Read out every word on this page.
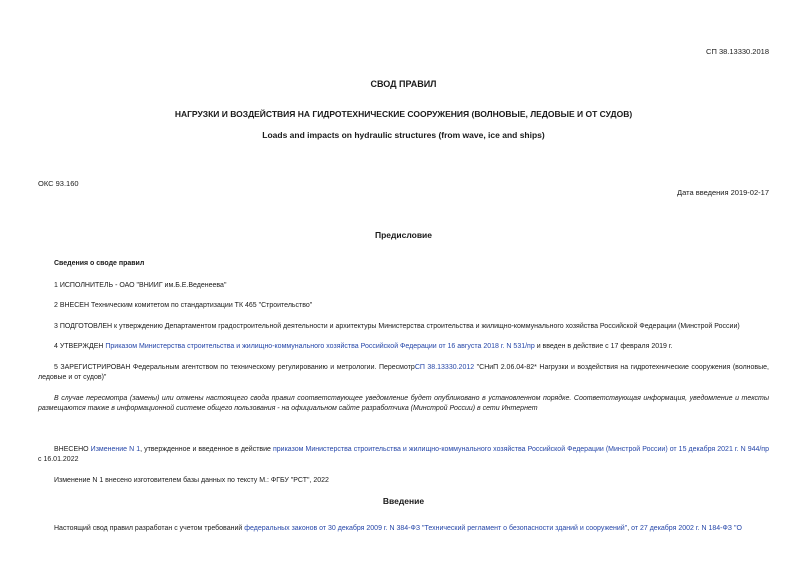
СП 38.13330.2018
СВОД ПРАВИЛ
НАГРУЗКИ И ВОЗДЕЙСТВИЯ НА ГИДРОТЕХНИЧЕСКИЕ СООРУЖЕНИЯ (ВОЛНОВЫЕ, ЛЕДОВЫЕ И ОТ СУДОВ)
Loads and impacts on hydraulic structures (from wave, ice and ships)
ОКС 93.160
Дата введения 2019-02-17
Предисловие
Сведения о своде правил
1 ИСПОЛНИТЕЛЬ - ОАО "ВНИИГ им.Б.Е.Веденеева"
2 ВНЕСЕН Техническим комитетом по стандартизации ТК 465 "Строительство"
3 ПОДГОТОВЛЕН к утверждению Департаментом градостроительной деятельности и архитектуры Министерства строительства и жилищно-коммунального хозяйства Российской Федерации (Минстрой России)
4 УТВЕРЖДЕН Приказом Министерства строительства и жилищно-коммунального хозяйства Российской Федерации от 16 августа 2018 г. N 531/пр и введен в действие с 17 февраля 2019 г.
5 ЗАРЕГИСТРИРОВАН Федеральным агентством по техническому регулированию и метрологии. ПересмотрСП 38.13330.2012 "СНиП 2.06.04-82* Нагрузки и воздействия на гидротехнические сооружения (волновые, ледовые и от судов)"
В случае пересмотра (замены) или отмены настоящего свода правил соответствующее уведомление будет опубликовано в установленном порядке. Соответствующая информация, уведомление и тексты размещаются также в информационной системе общего пользования - на официальном сайте разработчика (Минстрой России) в сети Интернет
ВНЕСЕНО Изменение N 1, утвержденное и введенное в действие приказом Министерства строительства и жилищно-коммунального хозяйства Российской Федерации (Минстрой России) от 15 декабря 2021 г. N 944/пр с 16.01.2022
Изменение N 1 внесено изготовителем базы данных по тексту М.: ФГБУ "РСТ", 2022
Введение
Настоящий свод правил разработан с учетом требований федеральных законов от 30 декабря 2009 г. N 384-ФЗ "Технический регламент о безопасности зданий и сооружений", от 27 декабря 2002 г. N 184-ФЗ "О
